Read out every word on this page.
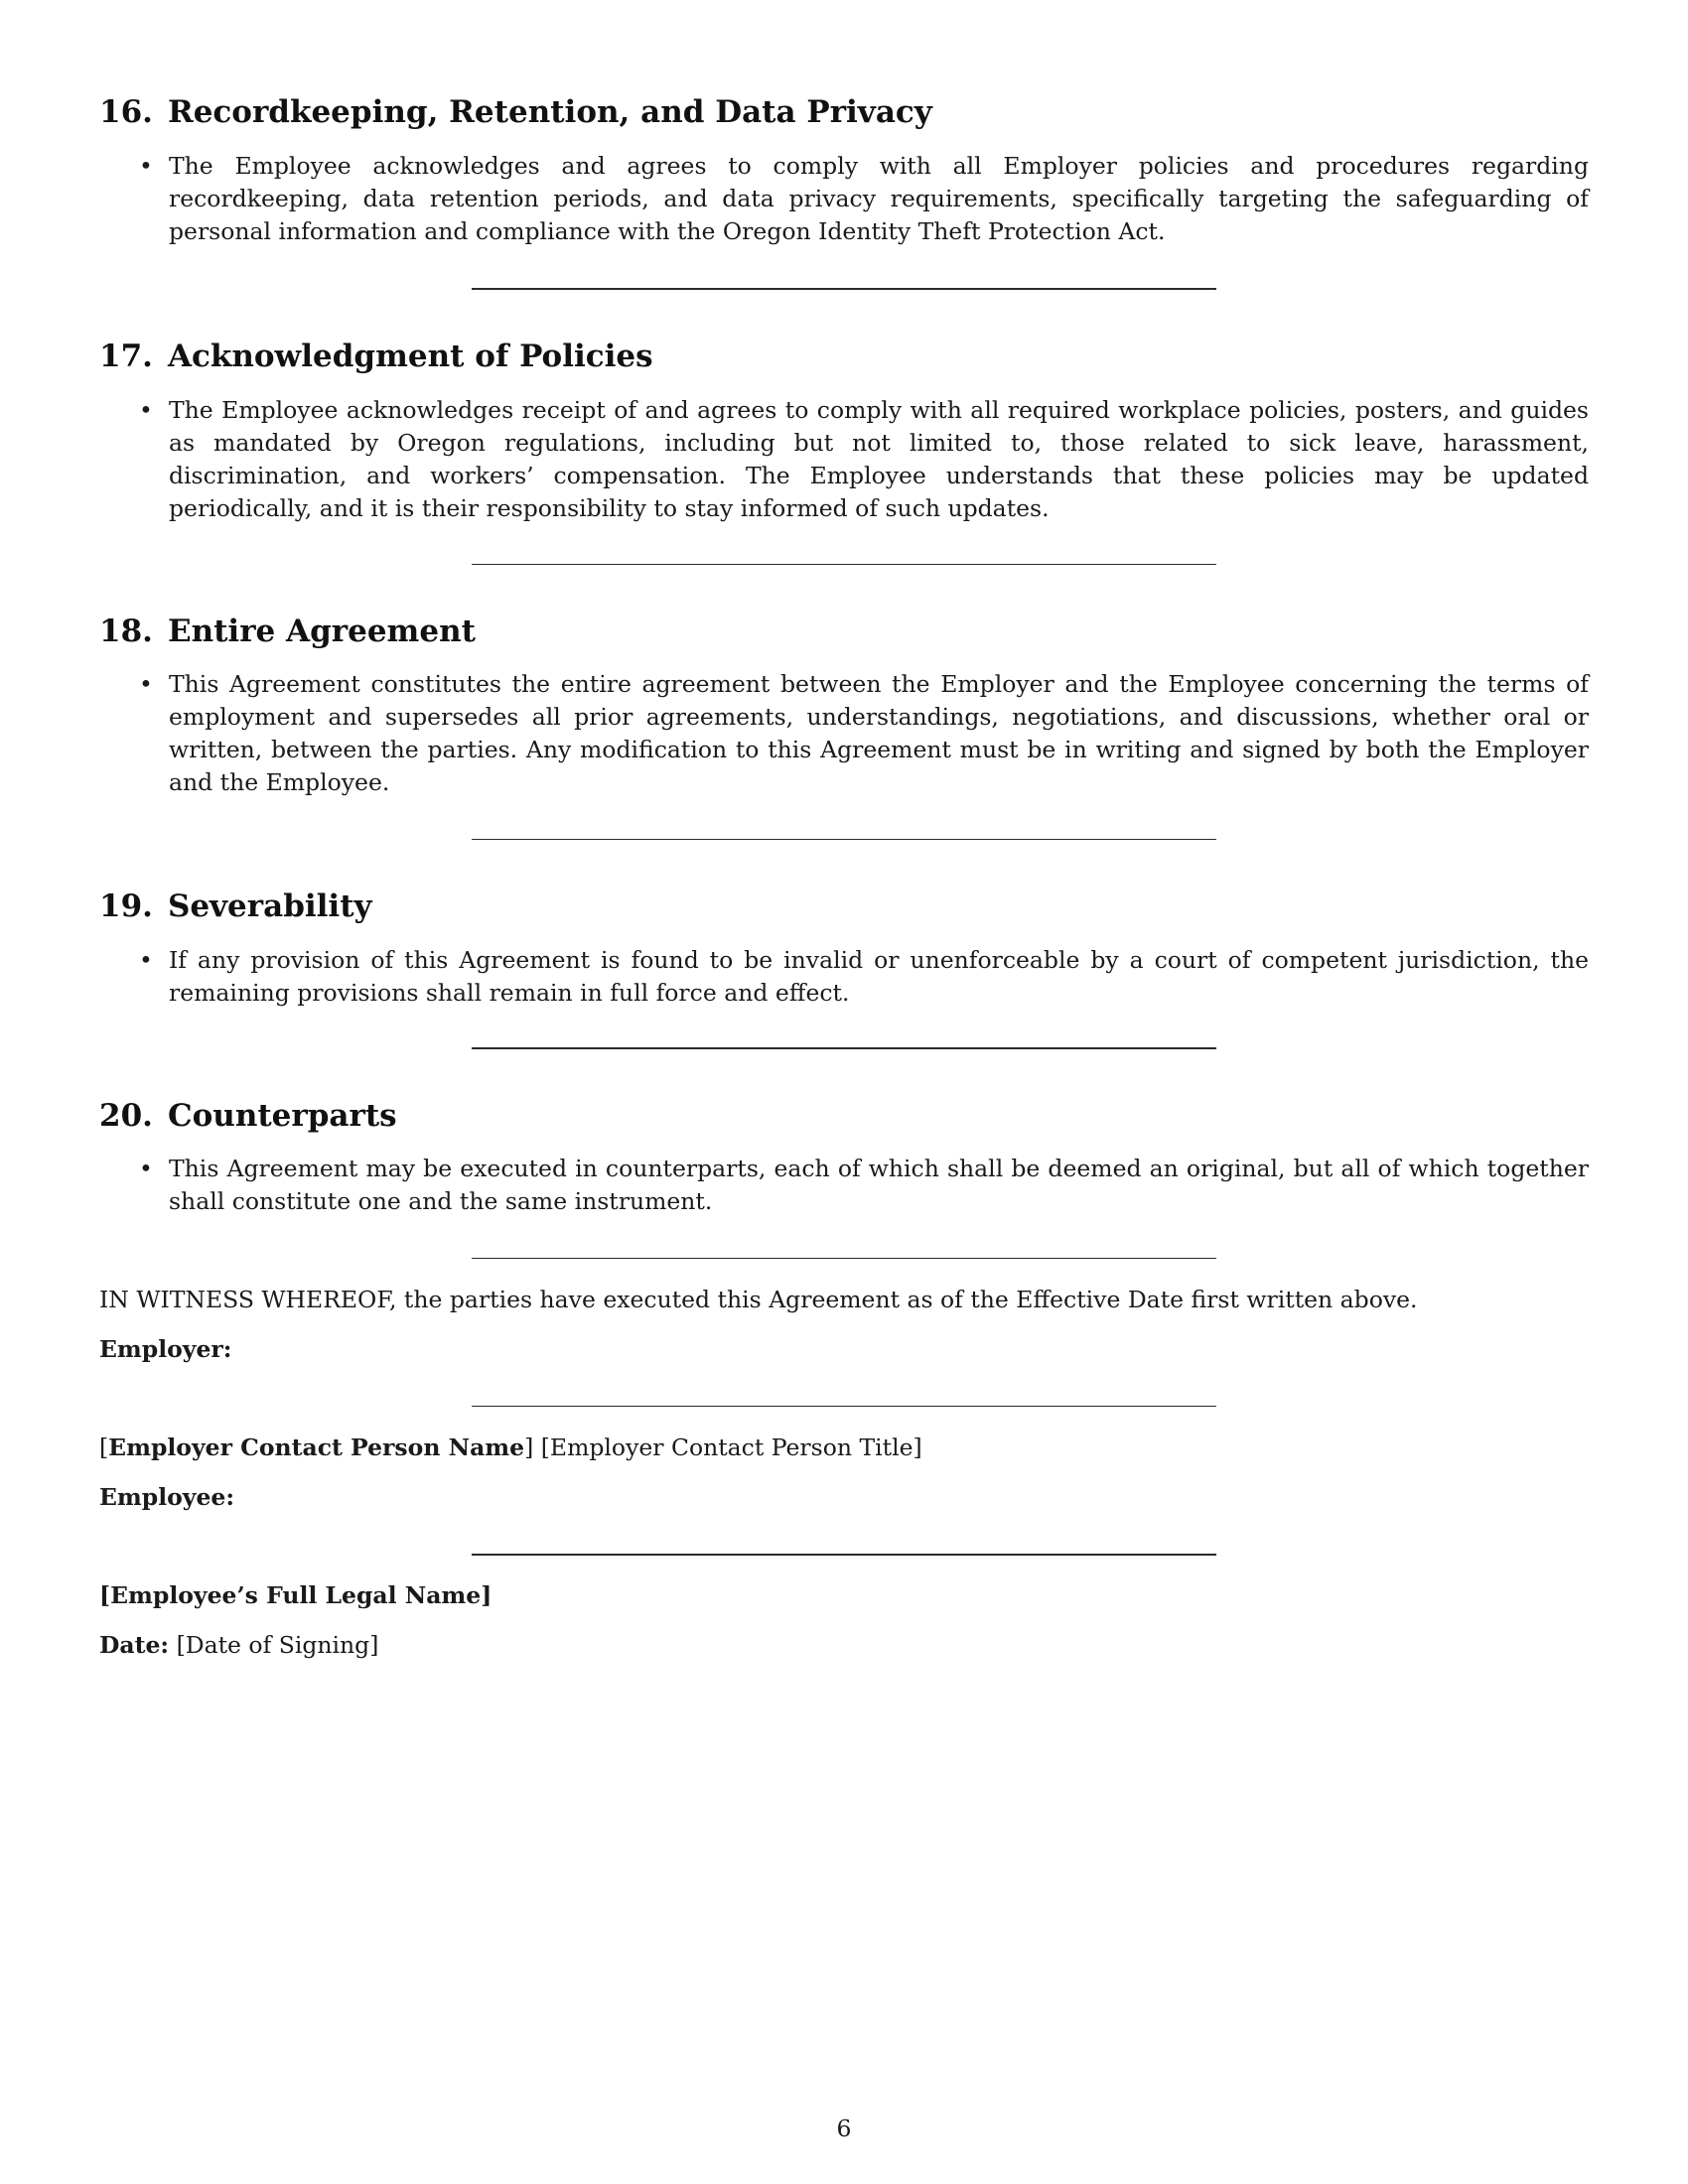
16. Recordkeeping, Retention, and Data Privacy
• The Employee acknowledges and agrees to comply with all Employer policies and procedures regarding recordkeeping, data retention periods, and data privacy requirements, specifically targeting the safeguarding of personal information and compliance with the Oregon Identity Theft Protection Act.
17. Acknowledgment of Policies
• The Employee acknowledges receipt of and agrees to comply with all required workplace policies, posters, and guides as mandated by Oregon regulations, including but not limited to, those related to sick leave, harassment, discrimination, and workers’ compensation. The Employee understands that these policies may be updated periodically, and it is their responsibility to stay informed of such updates.
18. Entire Agreement
• This Agreement constitutes the entire agreement between the Employer and the Employee concerning the terms of employment and supersedes all prior agreements, understandings, negotiations, and discussions, whether oral or written, between the parties. Any modification to this Agreement must be in writing and signed by both the Employer and the Employee.
19. Severability
• If any provision of this Agreement is found to be invalid or unenforceable by a court of competent jurisdiction, the remaining provisions shall remain in full force and effect.
20. Counterparts
• This Agreement may be executed in counterparts, each of which shall be deemed an original, but all of which together shall constitute one and the same instrument.
IN WITNESS WHEREOF, the parties have executed this Agreement as of the Effective Date first written above.
Employer:
[Employer Contact Person Name] [Employer Contact Person Title]
Employee:
[Employee’s Full Legal Name]
Date: [Date of Signing]
6
